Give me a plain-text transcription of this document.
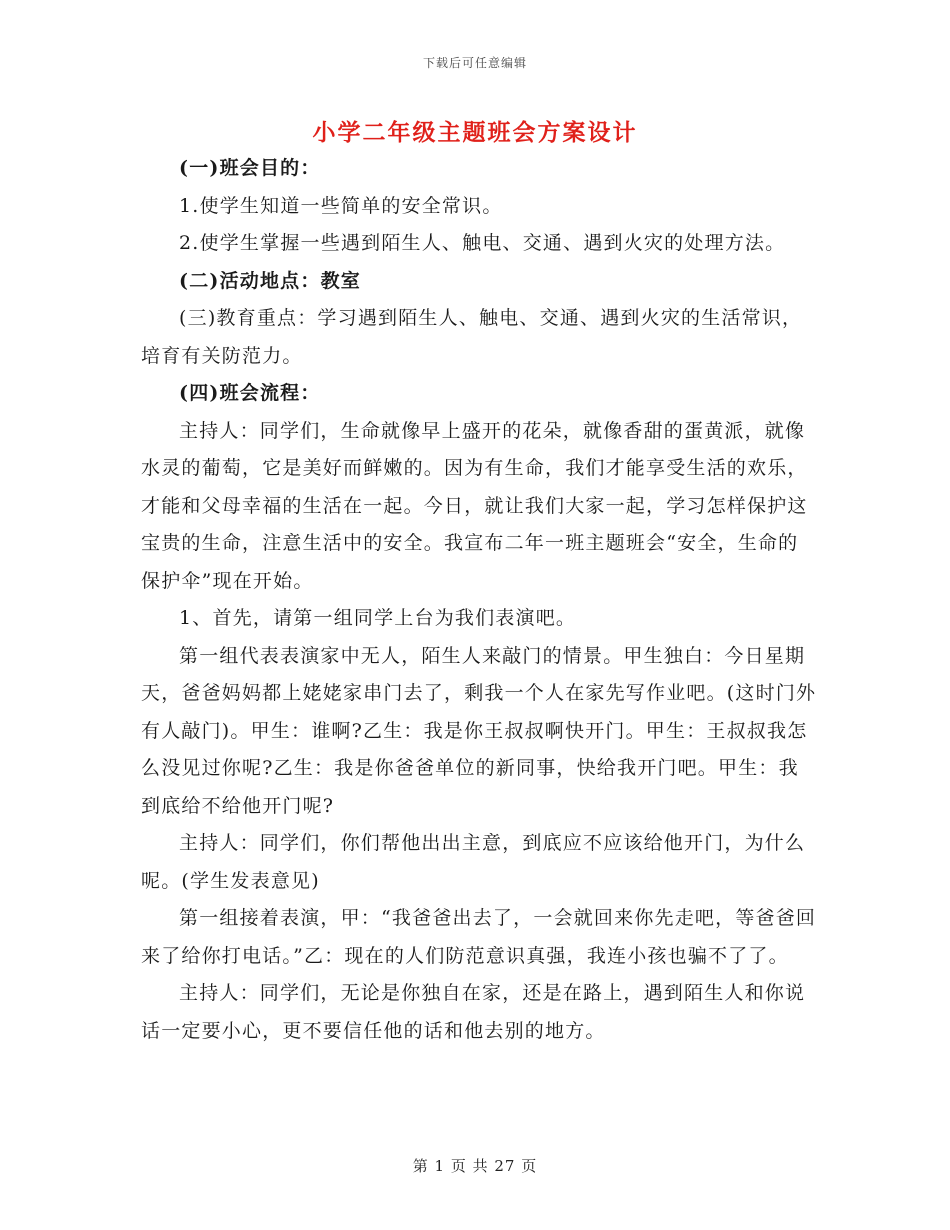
下载后可任意编辑
小学二年级主题班会方案设计

(一)班会目的：

1.使学生知道一些简单的安全常识。

2.使学生掌握一些遇到陌生人、触电、交通、遇到火灾的处理方法。

(二)活动地点：教室

(三)教育重点：学习遇到陌生人、触电、交通、遇到火灾的生活常识，培育有关防范力。

(四)班会流程：

主持人：同学们，生命就像早上盛开的花朵，就像香甜的蛋黄派，就像水灵的葡萄，它是美好而鲜嫩的。因为有生命，我们才能享受生活的欢乐，才能和父母幸福的生活在一起。今日，就让我们大家一起，学习怎样保护这宝贵的生命，注意生活中的安全。我宣布二年一班主题班会“安全，生命的保护伞”现在开始。

1、首先，请第一组同学上台为我们表演吧。

第一组代表表演家中无人，陌生人来敲门的情景。甲生独白：今日星期天，爸爸妈妈都上姥姥家串门去了，剩我一个人在家先写作业吧。(这时门外有人敲门)。甲生：谁啊?乙生：我是你王叔叔啊快开门。甲生：王叔叔我怎么没见过你呢?乙生：我是你爸爸单位的新同事，快给我开门吧。甲生：我到底给不给他开门呢?

主持人：同学们，你们帮他出出主意，到底应不应该给他开门，为什么呢。(学生发表意见)

第一组接着表演，甲：“我爸爸出去了，一会就回来你先走吧，等爸爸回来了给你打电话。”乙：现在的人们防范意识真强，我连小孩也骗不了了。

主持人：同学们，无论是你独自在家，还是在路上，遇到陌生人和你说话一定要小心，更不要信任他的话和他去别的地方。

第 1 页 共 27 页
